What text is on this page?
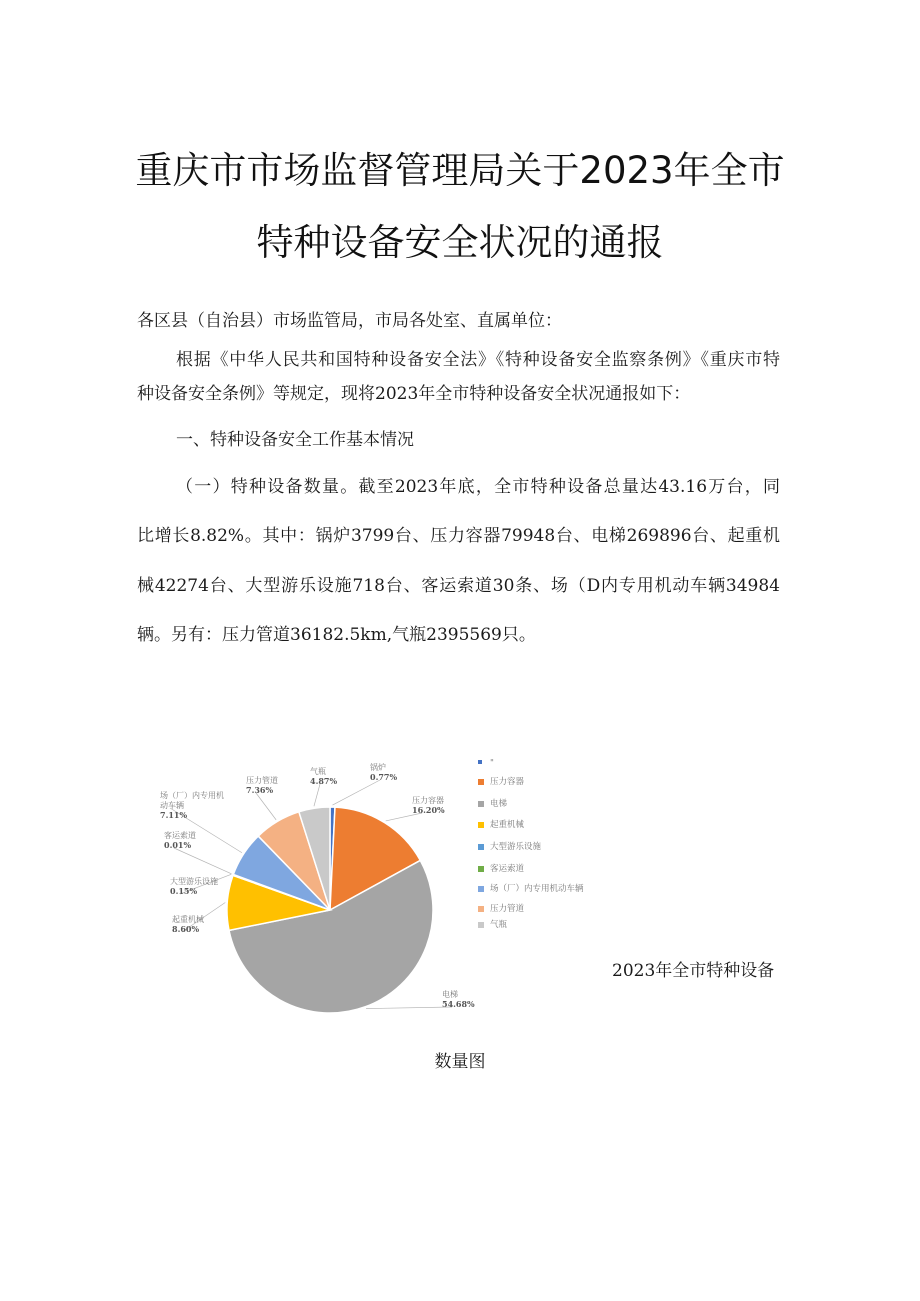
重庆市市场监督管理局关于2023年全市
特种设备安全状况的通报
各区县（自治县）市场监管局，市局各处室、直属单位：
根据《中华人民共和国特种设备安全法》《特种设备安全监察条例》《重庆市特
种设备安全条例》等规定，现将2023年全市特种设备安全状况通报如下：
一、特种设备安全工作基本情况
（一）特种设备数量。截至2023年底，全市特种设备总量达43.16万台，同
比增长8.82%。其中：锅炉3799台、压力容器79948台、电梯269896台、起重机
械42274台、大型游乐设施718台、客运索道30条、场（D内专用机动车辆34984
辆。另有：压力管道36182.5km,气瓶2395569只。
锅炉
0.77%
压力容器
16.20%
电梯
54.68%
起重机械
8.60%
大型游乐设施
0.15%
客运索道
0.01%
场（厂）内专用机
动车辆
7.11%
压力管道
7.36%
气瓶
4.87%
"
压力容器
电梯
起重机械
大型游乐设施
客运索道
场（厂）内专用机动车辆
压力管道
气瓶
2023年全市特种设备
数量图
